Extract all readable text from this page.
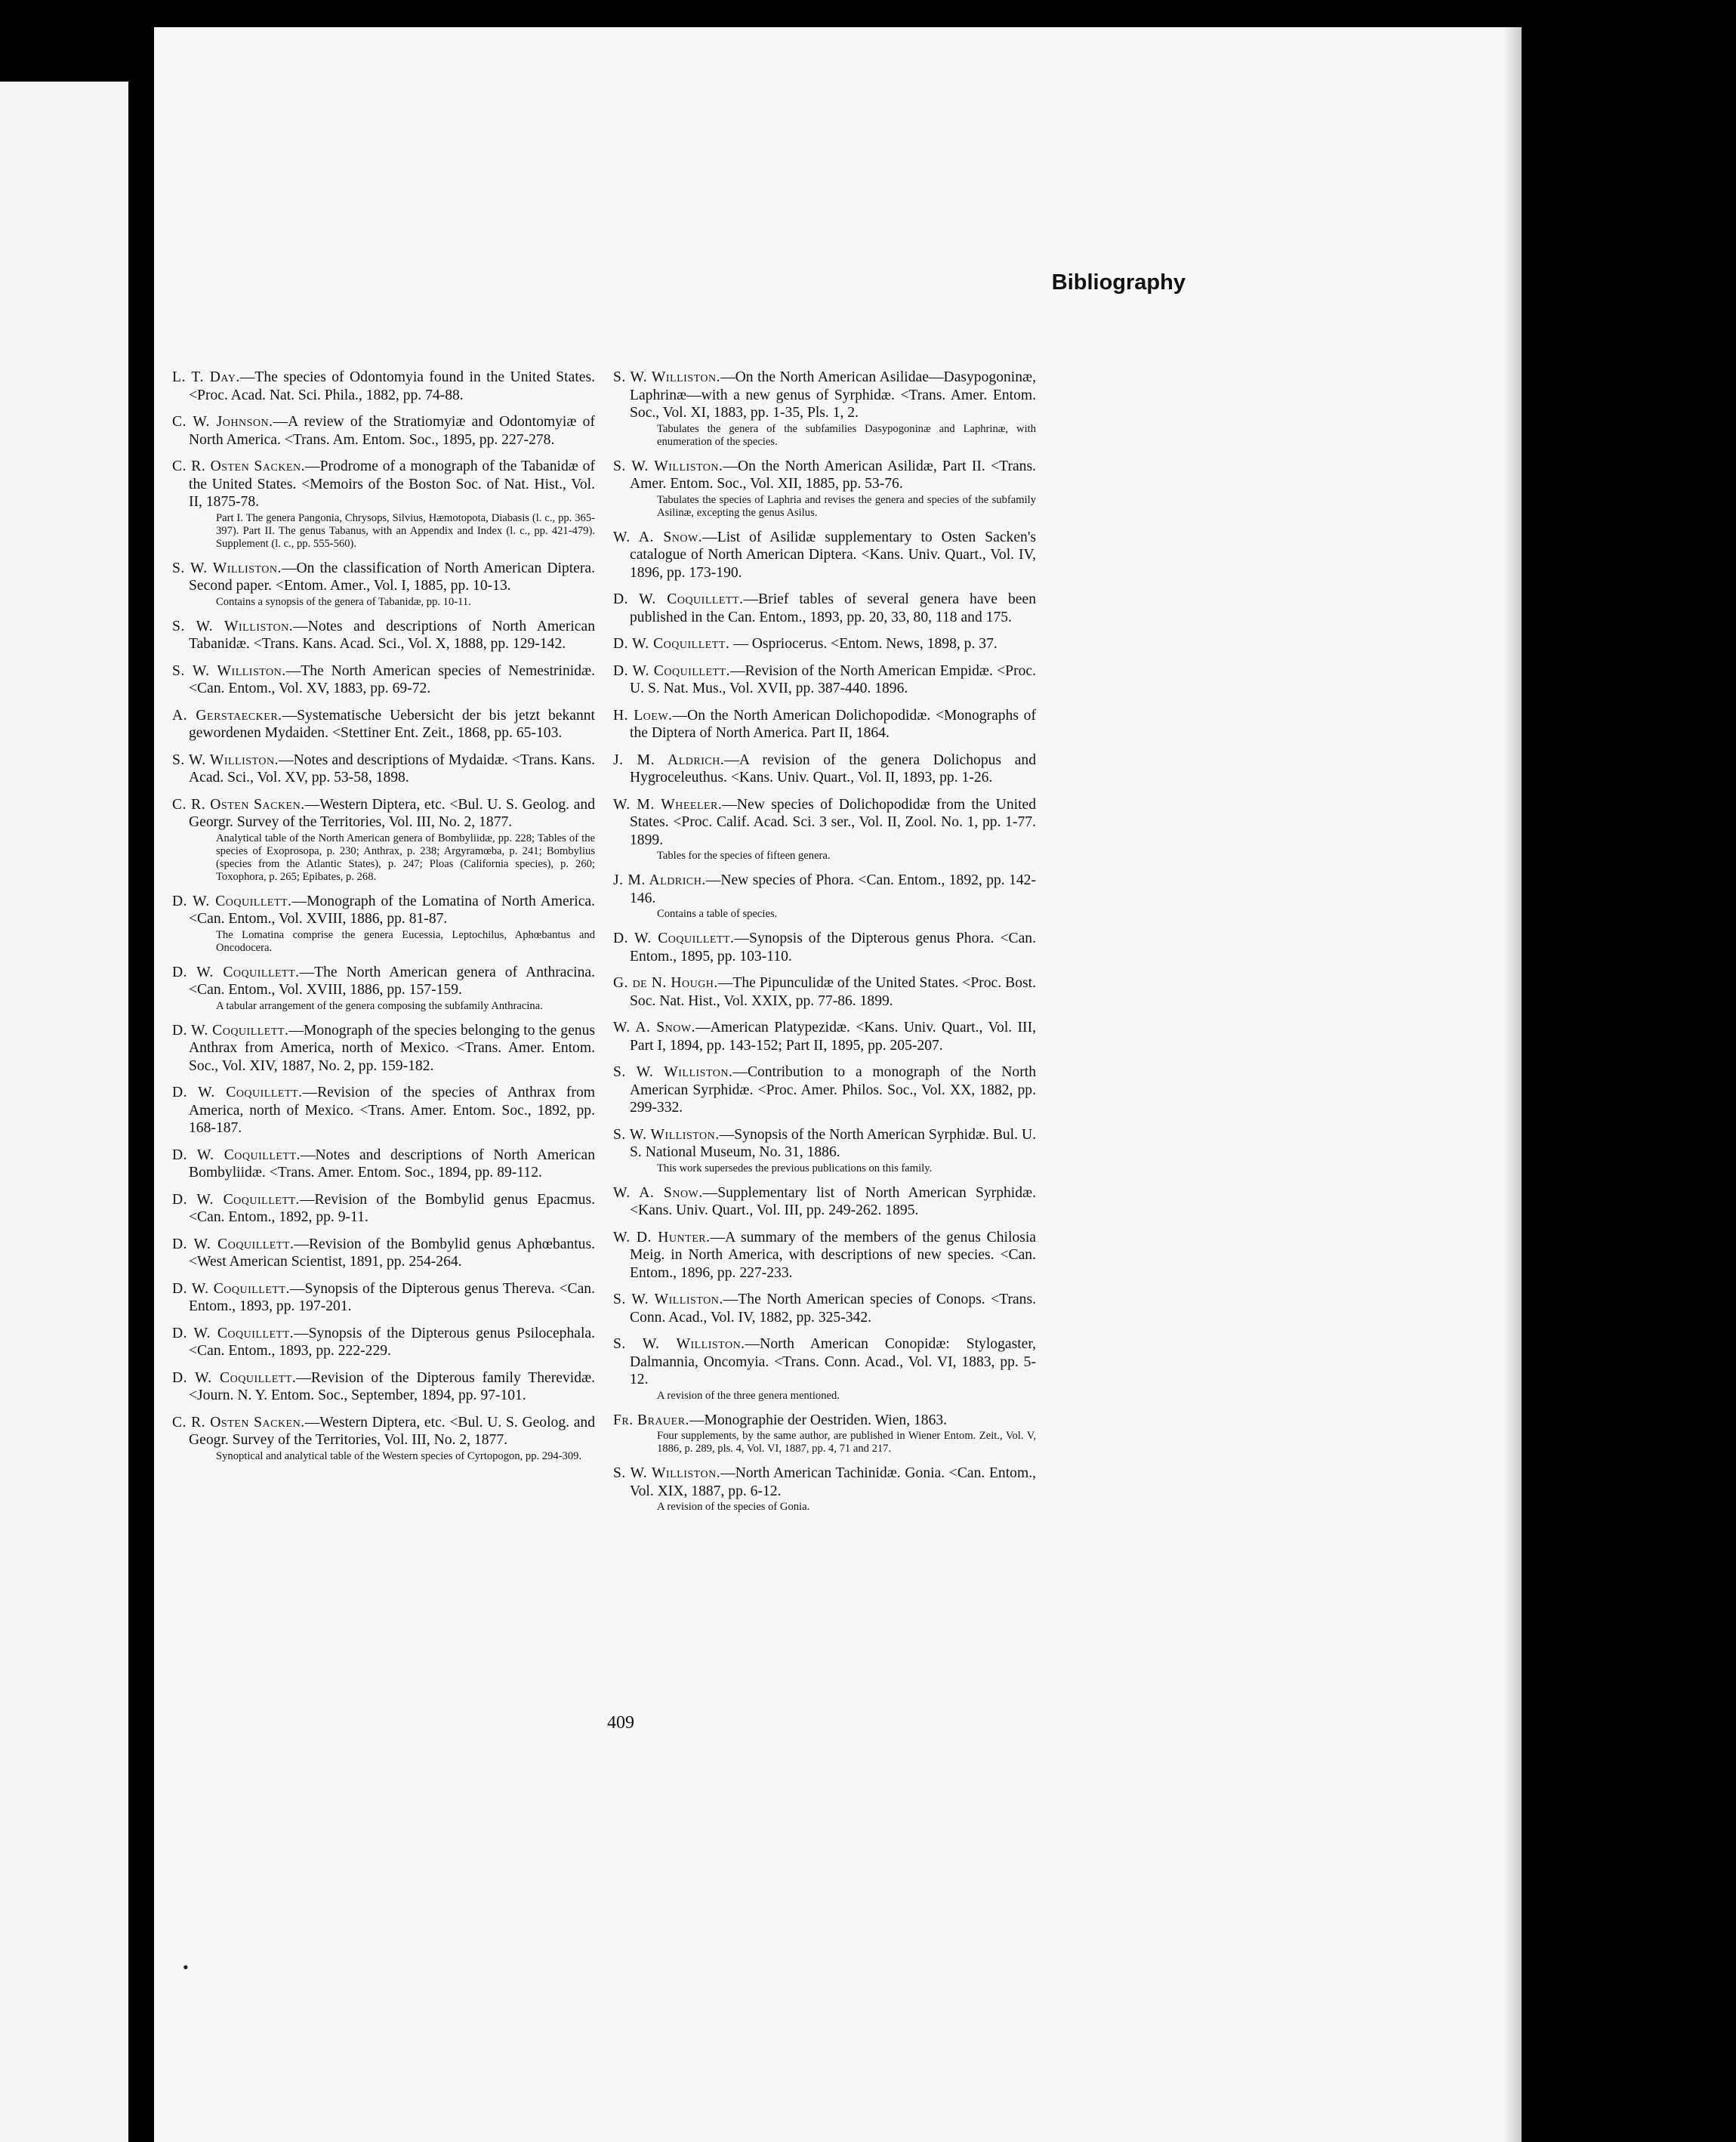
Bibliography

L. T. Day.—The species of Odontomyia found in the United States. <Proc. Acad. Nat. Sci. Phila., 1882, pp. 74-88.

C. W. Johnson.—A review of the Stratiomyiæ and Odontomyiæ of North America. <Trans. Am. Entom. Soc., 1895, pp. 227-278.

C. R. Osten Sacken.—Prodrome of a monograph of the Tabanidæ of the United States. <Memoirs of the Boston Soc. of Nat. Hist., Vol. II, 1875-78.
Part I. The genera Pangonia, Chrysops, Silvius, Hæmotopota, Diabasis (l. c., pp. 365-397). Part II. The genus Tabanus, with an Appendix and Index (l. c., pp. 421-479). Supplement (l. c., pp. 555-560).

S. W. Williston.—On the classification of North American Diptera. Second paper. <Entom. Amer., Vol. I, 1885, pp. 10-13.
Contains a synopsis of the genera of Tabanidæ, pp. 10-11.

S. W. Williston.—Notes and descriptions of North American Tabanidæ. <Trans. Kans. Acad. Sci., Vol. X, 1888, pp. 129-142.

S. W. Williston.—The North American species of Nemestrinidæ. <Can. Entom., Vol. XV, 1883, pp. 69-72.

A. Gerstaecker.—Systematische Uebersicht der bis jetzt bekannt gewordenen Mydaiden. <Stettiner Ent. Zeit., 1868, pp. 65-103.

S. W. Williston.—Notes and descriptions of Mydaidæ. <Trans. Kans. Acad. Sci., Vol. XV, pp. 53-58, 1898.

C. R. Osten Sacken.—Western Diptera, etc. <Bul. U. S. Geolog. and Georgr. Survey of the Territories, Vol. III, No. 2, 1877.
Analytical table of the North American genera of Bombyliidæ, pp. 228; Tables of the species of Exoprosopa, p. 230; Anthrax, p. 238; Argyramœba, p. 241; Bombylius (species from the Atlantic States), p. 247; Ploas (California species), p. 260; Toxophora, p. 265; Epibates, p. 268.

D. W. Coquillett.—Monograph of the Lomatina of North America. <Can. Entom., Vol. XVIII, 1886, pp. 81-87.
The Lomatina comprise the genera Eucessia, Leptochilus, Aphœbantus and Oncodocera.

D. W. Coquillett.—The North American genera of Anthracina. <Can. Entom., Vol. XVIII, 1886, pp. 157-159.
A tabular arrangement of the genera composing the subfamily Anthracina.

D. W. Coquillett.—Monograph of the species belonging to the genus Anthrax from America, north of Mexico. <Trans. Amer. Entom. Soc., Vol. XIV, 1887, No. 2, pp. 159-182.

D. W. Coquillett.—Revision of the species of Anthrax from America, north of Mexico. <Trans. Amer. Entom. Soc., 1892, pp. 168-187.

D. W. Coquillett.—Notes and descriptions of North American Bombyliidæ. <Trans. Amer. Entom. Soc., 1894, pp. 89-112.

D. W. Coquillett.—Revision of the Bombylid genus Epacmus. <Can. Entom., 1892, pp. 9-11.

D. W. Coquillett.—Revision of the Bombylid genus Aphœbantus. <West American Scientist, 1891, pp. 254-264.

D. W. Coquillett.—Synopsis of the Dipterous genus Thereva. <Can. Entom., 1893, pp. 197-201.

D. W. Coquillett.—Synopsis of the Dipterous genus Psilocephala. <Can. Entom., 1893, pp. 222-229.

D. W. Coquillett.—Revision of the Dipterous family Therevidæ. <Journ. N. Y. Entom. Soc., September, 1894, pp. 97-101.

C. R. Osten Sacken.—Western Diptera, etc. <Bul. U. S. Geolog. and Geogr. Survey of the Territories, Vol. III, No. 2, 1877.
Synoptical and analytical table of the Western species of Cyrtopogon, pp. 294-309.

S. W. Williston.—On the North American Asilidae—Dasypogoninæ, Laphrinæ—with a new genus of Syrphidæ. <Trans. Amer. Entom. Soc., Vol. XI, 1883, pp. 1-35, Pls. 1, 2.
Tabulates the genera of the subfamilies Dasypogoninæ and Laphrinæ, with enumeration of the species.

S. W. Williston.—On the North American Asilidæ, Part II. <Trans. Amer. Entom. Soc., Vol. XII, 1885, pp. 53-76.
Tabulates the species of Laphria and revises the genera and species of the subfamily Asilinæ, excepting the genus Asilus.

W. A. Snow.—List of Asilidæ supplementary to Osten Sacken's catalogue of North American Diptera. <Kans. Univ. Quart., Vol. IV, 1896, pp. 173-190.

D. W. Coquillett.—Brief tables of several genera have been published in the Can. Entom., 1893, pp. 20, 33, 80, 118 and 175.

D. W. Coquillett. — Ospriocerus. <Entom. News, 1898, p. 37.

D. W. Coquillett.—Revision of the North American Empidæ. <Proc. U. S. Nat. Mus., Vol. XVII, pp. 387-440. 1896.

H. Loew.—On the North American Dolichopodidæ. <Monographs of the Diptera of North America. Part II, 1864.

J. M. Aldrich.—A revision of the genera Dolichopus and Hygroceleuthus. <Kans. Univ. Quart., Vol. II, 1893, pp. 1-26.

W. M. Wheeler.—New species of Dolichopodidæ from the United States. <Proc. Calif. Acad. Sci. 3 ser., Vol. II, Zool. No. 1, pp. 1-77. 1899.
Tables for the species of fifteen genera.

J. M. Aldrich.—New species of Phora. <Can. Entom., 1892, pp. 142-146.
Contains a table of species.

D. W. Coquillett.—Synopsis of the Dipterous genus Phora. <Can. Entom., 1895, pp. 103-110.

G. de N. Hough.—The Pipunculidæ of the United States. <Proc. Bost. Soc. Nat. Hist., Vol. XXIX, pp. 77-86. 1899.

W. A. Snow.—American Platypezidæ. <Kans. Univ. Quart., Vol. III, Part I, 1894, pp. 143-152; Part II, 1895, pp. 205-207.

S. W. Williston.—Contribution to a monograph of the North American Syrphidæ. <Proc. Amer. Philos. Soc., Vol. XX, 1882, pp. 299-332.

S. W. Williston.—Synopsis of the North American Syrphidæ. Bul. U. S. National Museum, No. 31, 1886.
This work supersedes the previous publications on this family.

W. A. Snow.—Supplementary list of North American Syrphidæ. <Kans. Univ. Quart., Vol. III, pp. 249-262. 1895.

W. D. Hunter.—A summary of the members of the genus Chilosia Meig. in North America, with descriptions of new species. <Can. Entom., 1896, pp. 227-233.

S. W. Williston.—The North American species of Conops. <Trans. Conn. Acad., Vol. IV, 1882, pp. 325-342.

S. W. Williston.—North American Conopidæ: Stylogaster, Dalmannia, Oncomyia. <Trans. Conn. Acad., Vol. VI, 1883, pp. 5-12.
A revision of the three genera mentioned.

Fr. Brauer.—Monographie der Oestriden. Wien, 1863.
Four supplements, by the same author, are published in Wiener Entom. Zeit., Vol. V, 1886, p. 289, pls. 4, Vol. VI, 1887, pp. 4, 71 and 217.

S. W. Williston.—North American Tachinidæ. Gonia. <Can. Entom., Vol. XIX, 1887, pp. 6-12.
A revision of the species of Gonia.

409
•
